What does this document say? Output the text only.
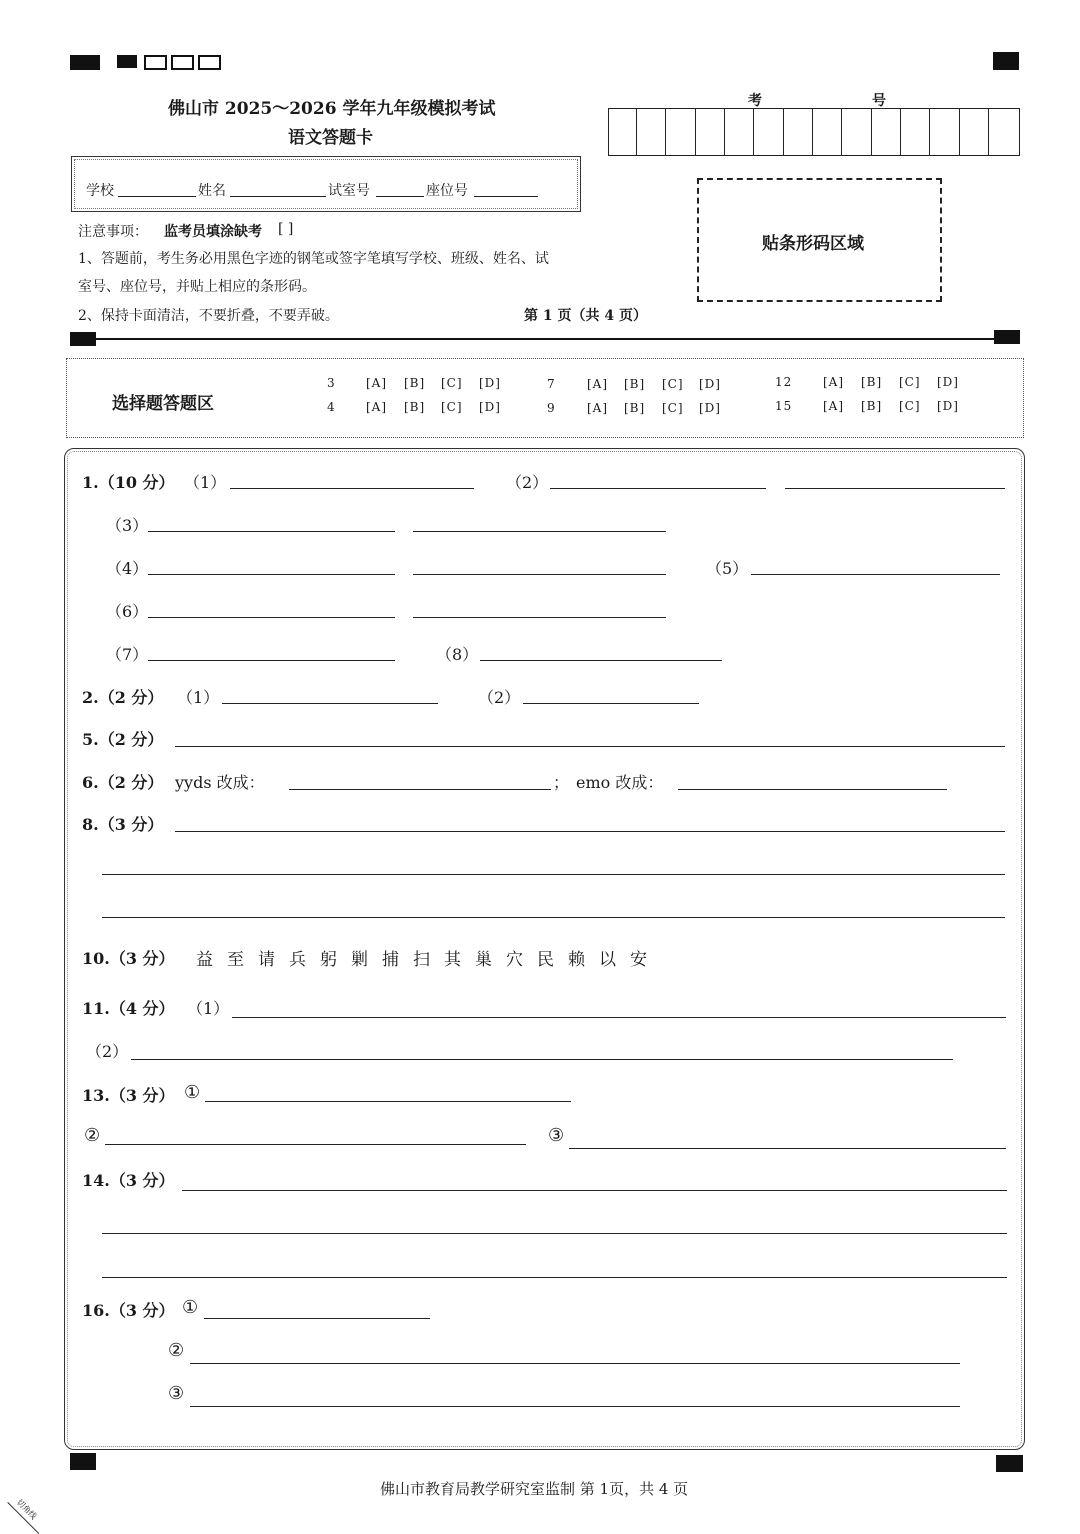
佛山市 2025～2026 学年九年级模拟考试
语文答题卡
考	号
学校	姓名	试室号	座位号
注意事项： 监考员填涂缺考 [ ]
1、答题前，考生务必用黑色字迹的钢笔或签字笔填写学校、班级、姓名、试
室号、座位号，并贴上相应的条形码。
2、保持卡面清洁，不要折叠，不要弄破。	第 1 页（共 4 页）
贴条形码区域
选择题答题区
3	[A] [B] [C] [D]
4	[A] [B] [C] [D]
7	[A] [B] [C] [D]
9	[A] [B] [C] [D]
12	[A] [B] [C] [D]
15	[A] [B] [C] [D]
1.（10 分） （1）	（2）
（3）
（4）	（5）
（6）
（7）	（8）
2.（2 分） （1）	（2）
5.（2 分）
6.（2 分） yyds 改成：	； emo 改成：
8.（3 分）
10.（3 分） 益 至 请 兵 躬 剿 捕 扫 其 巢 穴 民 赖 以 安
11.（4 分） （1）
（2）
13.（3 分） ①
②	③
14.（3 分）
16.（3 分） ①
②
③
佛山市教育局教学研究室监制 第 1页，共 4 页
切角线
